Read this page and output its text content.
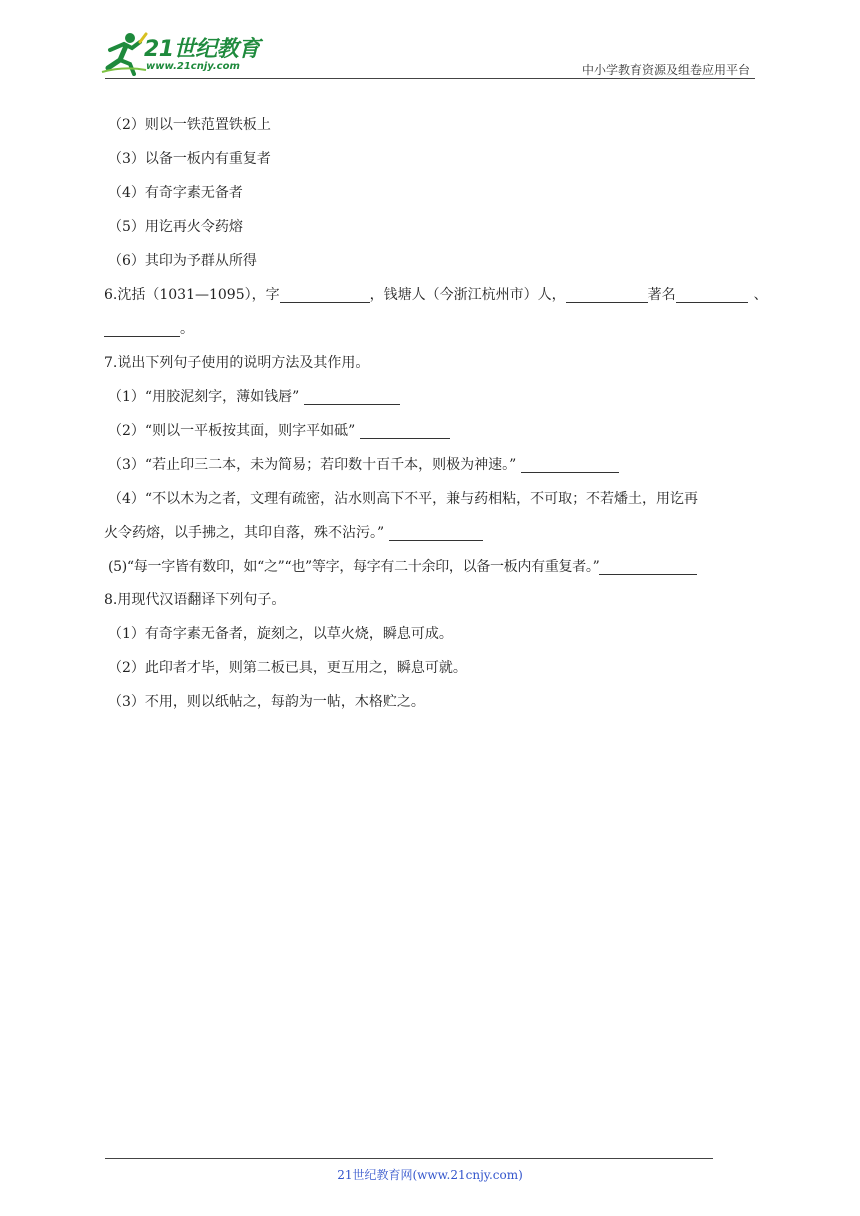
21世纪教育
www.21cnjy.com	中小学教育资源及组卷应用平台
（2）则以一铁范置铁板上
（3）以备一板内有重复者
（4）有奇字素无备者
（5）用讫再火令药熔
（6）其印为予群从所得
6.沈括（1031—1095），字	，钱塘人（今浙江杭州市）人，	著名	、
。
7.说出下列句子使用的说明方法及其作用。
（1）“用胶泥刻字，薄如钱唇”
（2）“则以一平板按其面，则字平如砥”
（3）“若止印三二本，未为简易；若印数十百千本，则极为神速。”
（4）“不以木为之者，文理有疏密，沾水则高下不平，兼与药相粘，不可取；不若燔土，用讫再
火令药熔，以手拂之，其印自落，殊不沾污。”
(5)“每一字皆有数印，如“之”“也”等字，每字有二十余印，以备一板内有重复者。”
8.用现代汉语翻译下列句子。
（1）有奇字素无备者，旋刻之，以草火烧，瞬息可成。
（2）此印者才毕，则第二板已具，更互用之，瞬息可就。
（3）不用，则以纸帖之，每韵为一帖，木格贮之。
21世纪教育网(www.21cnjy.com)
